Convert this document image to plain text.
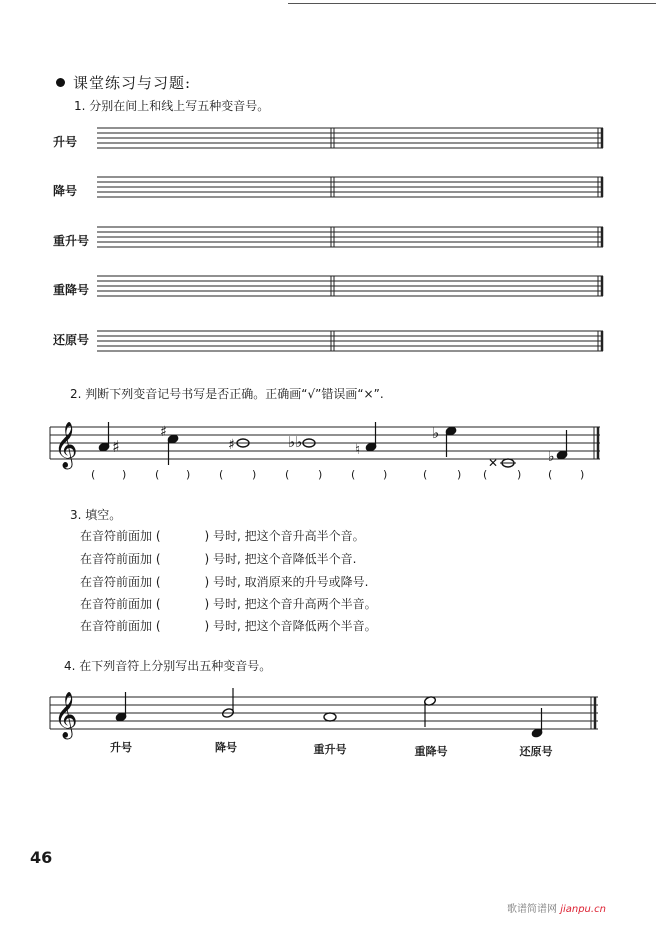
课堂练习与习题:
1. 分别在间上和线上写五种变音号。
升号
降号
重升号
重降号
还原号
𝄞
𝄞
♯
♯
♯	♭♭	♮
♭
✕	♭
2. 判断下列变音记号书写是否正确。正确画“√”错误画“×”.
( )	( )	(	)	(	)	(	)	(	) (	) (	)
3. 填空。
在音符前面加 (	) 号时, 把这个音升高半个音。
在音符前面加 (	) 号时, 把这个音降低半个音.
在音符前面加 (	) 号时, 取消原来的升号或降号.
在音符前面加 (	) 号时, 把这个音升高两个半音。
在音符前面加 (	) 号时, 把这个音降低两个半音。
4. 在下列音符上分别写出五种变音号。
升号	降号	重升号	重降号	还原号
46
歌谱简谱网 jianpu.cn
